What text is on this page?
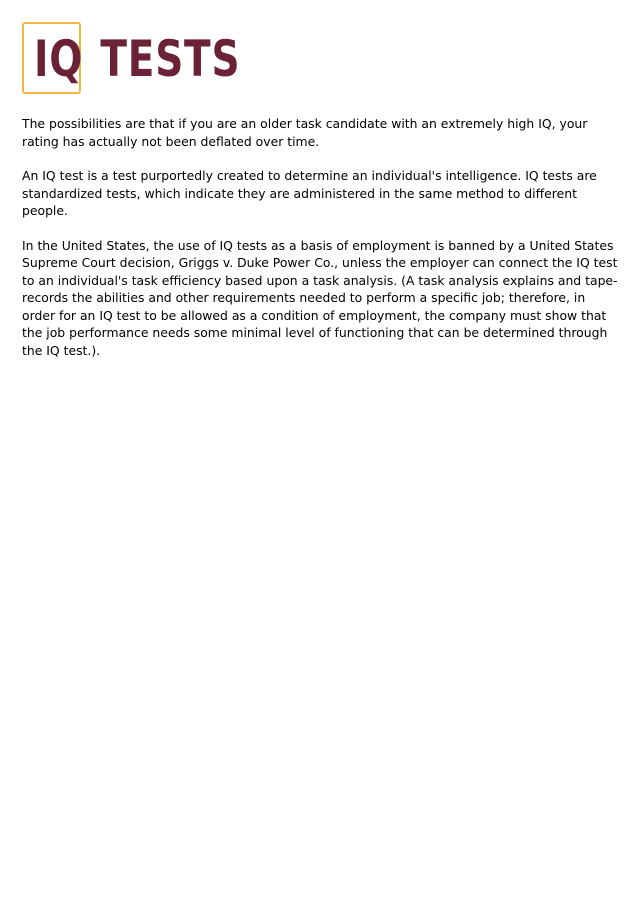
IQ TESTS

The possibilities are that if you are an older task candidate with an extremely high IQ, your rating has actually not been deflated over time.

An IQ test is a test purportedly created to determine an individual's intelligence. IQ tests are standardized tests, which indicate they are administered in the same method to different people.

In the United States, the use of IQ tests as a basis of employment is banned by a United States Supreme Court decision, Griggs v. Duke Power Co., unless the employer can connect the IQ test to an individual's task efficiency based upon a task analysis. (A task analysis explains and tape-records the abilities and other requirements needed to perform a specific job; therefore, in order for an IQ test to be allowed as a condition of employment, the company must show that the job performance needs some minimal level of functioning that can be determined through the IQ test.).
